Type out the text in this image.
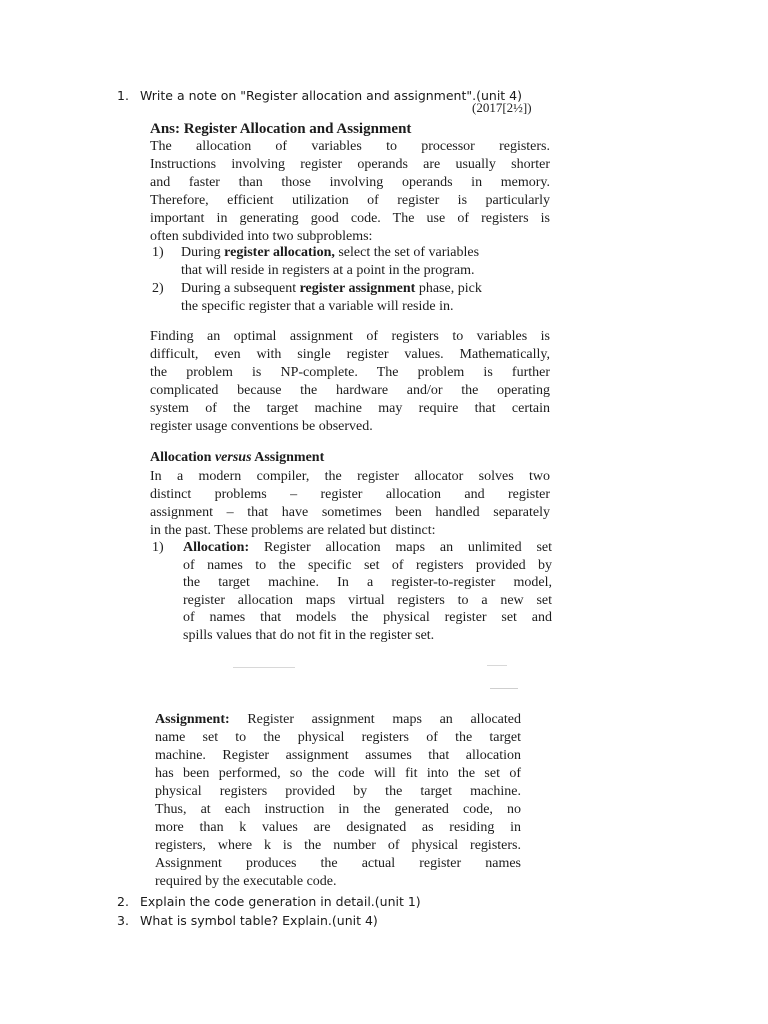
1. Write a note on "Register allocation and assignment".(unit 4)
(2017[2½])
Ans: Register Allocation and Assignment
The allocation of variables to processor registers.
Instructions involving register operands are usually shorter
and faster than those involving operands in memory.
Therefore, efficient utilization of register is particularly
important in generating good code. The use of registers is
often subdivided into two subproblems:
1) During register allocation, select the set of variables
that will reside in registers at a point in the program.
2) During a subsequent register assignment phase, pick
the specific register that a variable will reside in.
Finding an optimal assignment of registers to variables is
difficult, even with single register values. Mathematically,
the problem is NP-complete. The problem is further
complicated because the hardware and/or the operating
system of the target machine may require that certain
register usage conventions be observed.
Allocation versus Assignment
In a modern compiler, the register allocator solves two
distinct problems – register allocation and register
assignment – that have sometimes been handled separately
in the past. These problems are related but distinct:
1) Allocation: Register allocation maps an unlimited set
of names to the specific set of registers provided by
the target machine. In a register-to-register model,
register allocation maps virtual registers to a new set
of names that models the physical register set and
spills values that do not fit in the register set.
Assignment: Register assignment maps an allocated
name set to the physical registers of the target
machine. Register assignment assumes that allocation
has been performed, so the code will fit into the set of
physical registers provided by the target machine.
Thus, at each instruction in the generated code, no
more than k values are designated as residing in
registers, where k is the number of physical registers.
Assignment produces the actual register names
required by the executable code.
2. Explain the code generation in detail.(unit 1)
3. What is symbol table? Explain.(unit 4)
